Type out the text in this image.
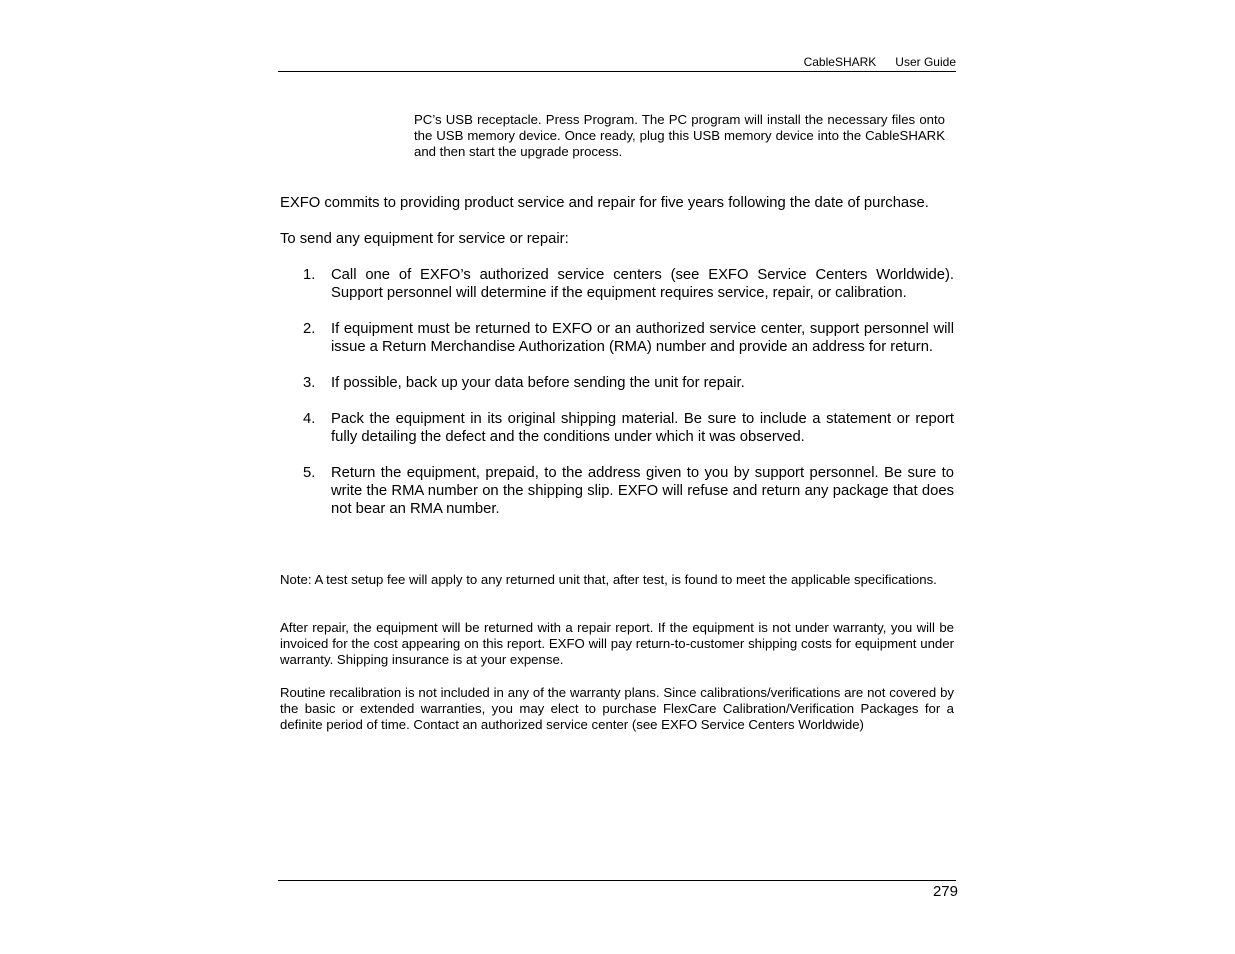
CableSHARK User Guide

PC’s USB receptacle. Press Program. The PC program will install the necessary files onto the USB memory device. Once ready, plug this USB memory device into the CableSHARK and then start the upgrade process.

EXFO commits to providing product service and repair for five years following the date of purchase.

To send any equipment for service or repair:

1. Call one of EXFO’s authorized service centers (see EXFO Service Centers Worldwide). Support personnel will determine if the equipment requires service, repair, or calibration.
2. If equipment must be returned to EXFO or an authorized service center, support personnel will issue a Return Merchandise Authorization (RMA) number and provide an address for return.
3. If possible, back up your data before sending the unit for repair.
4. Pack the equipment in its original shipping material. Be sure to include a statement or report fully detailing the defect and the conditions under which it was observed.
5. Return the equipment, prepaid, to the address given to you by support personnel. Be sure to write the RMA number on the shipping slip. EXFO will refuse and return any package that does not bear an RMA number.

Note: A test setup fee will apply to any returned unit that, after test, is found to meet the applicable specifications.

After repair, the equipment will be returned with a repair report. If the equipment is not under warranty, you will be invoiced for the cost appearing on this report. EXFO will pay return-to-customer shipping costs for equipment under warranty. Shipping insurance is at your expense.

Routine recalibration is not included in any of the warranty plans. Since calibrations/verifications are not covered by the basic or extended warranties, you may elect to purchase FlexCare Calibration/Verification Packages for a definite period of time. Contact an authorized service center (see EXFO Service Centers Worldwide)

279
